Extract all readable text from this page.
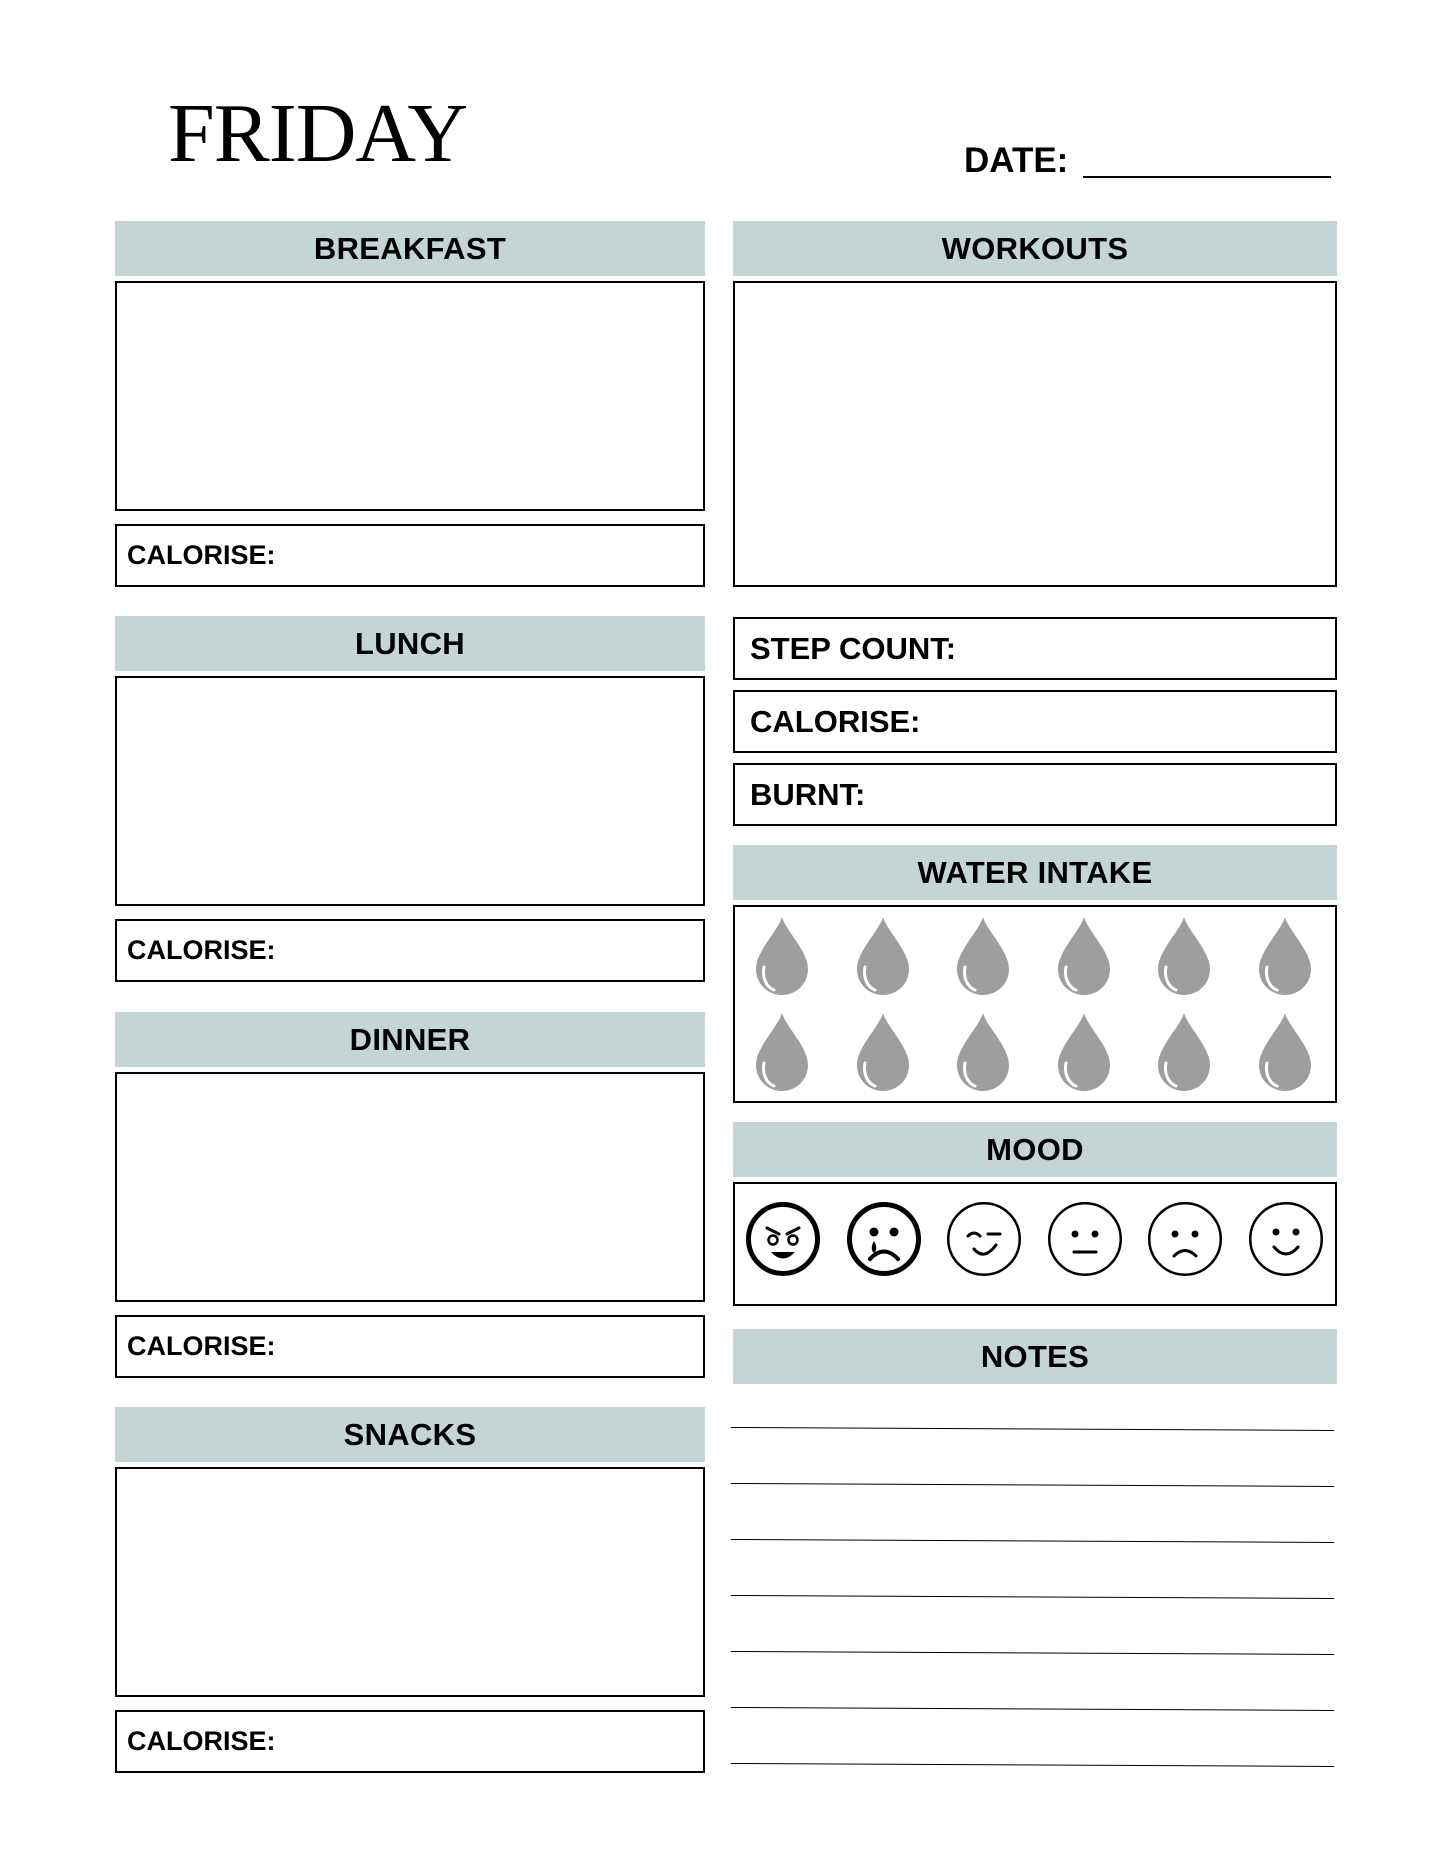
FRIDAY	DATE:
BREAKFAST
CALORISE:
LUNCH
CALORISE:
DINNER
CALORISE:
SNACKS
CALORISE:
WORKOUTS
STEP COUNT:
CALORISE:
BURNT:
WATER INTAKE
MOOD
NOTES
